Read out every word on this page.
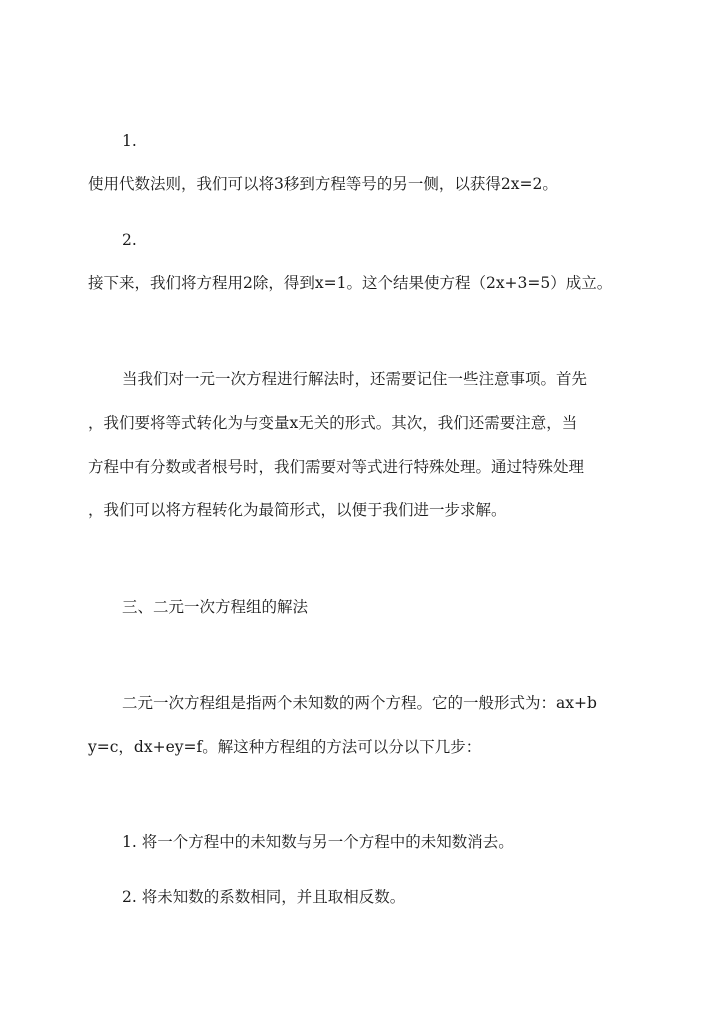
1.
使用代数法则，我们可以将3移到方程等号的另一侧，以获得2x=2。
2.
接下来，我们将方程用2除，得到x=1。这个结果使方程（2x+3=5）成立。
当我们对一元一次方程进行解法时，还需要记住一些注意事项。首先
，我们要将等式转化为与变量x无关的形式。其次，我们还需要注意，当
方程中有分数或者根号时，我们需要对等式进行特殊处理。通过特殊处理
，我们可以将方程转化为最简形式，以便于我们进一步求解。
三、二元一次方程组的解法
二元一次方程组是指两个未知数的两个方程。它的一般形式为：ax+b
y=c，dx+ey=f。解这种方程组的方法可以分以下几步：
1. 将一个方程中的未知数与另一个方程中的未知数消去。
2. 将未知数的系数相同，并且取相反数。
